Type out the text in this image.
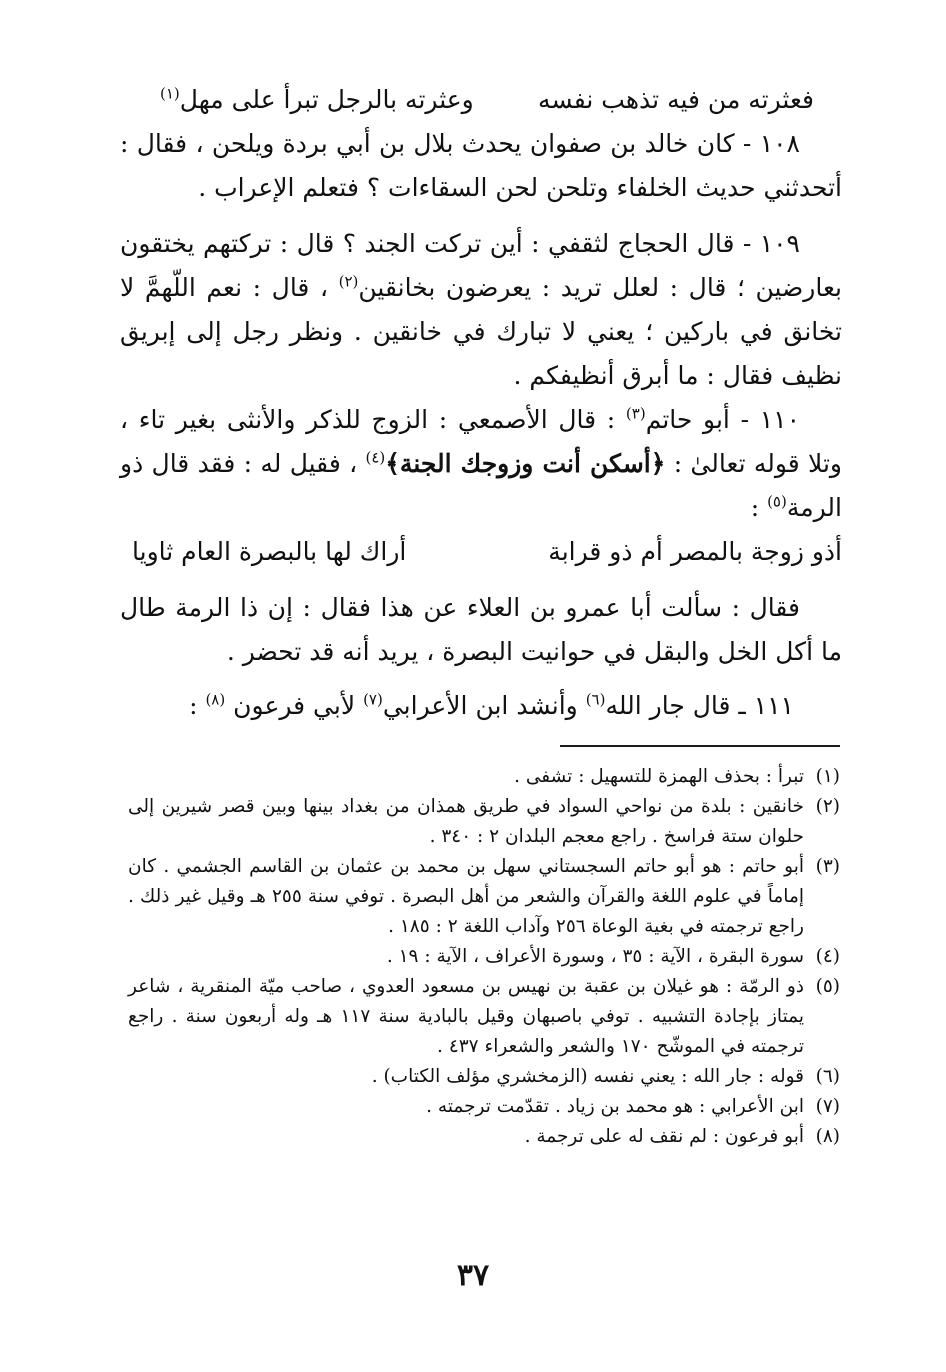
فعثرته من فيه تذهب نفسه
وعثرته بالرجل تبرأ على مهل$^{(١)}$

١٠٨ - كان خالد بن صفوان يحدث بلال بن أبي بردة ويلحن ، فقال : أتحدثني حديث الخلفاء وتلحن لحن السقاءات ؟ فتعلم الإعراب .

١٠٩ - قال الحجاج لثقفي : أين تركت الجند ؟ قال : تركتهم يختقون بعارضين ؛ قال : لعلل تريد : يعرضون بخانقين$^{(٢)}$ ، قال : نعم اللّهمَّ لا تخانق في باركين ؛ يعني لا تبارك في خانقين . ونظر رجل إلى إبريق نظيف فقال : ما أبرق أنظيفكم .

١١٠ - أبو حاتم$^{(٣)}$ : قال الأصمعي : الزوج للذكر والأنثى بغير تاء ، وتلا قوله تعالىٰ : ﴿أسكن أنت وزوجك الجنة﴾$^{(٤)}$ ، فقيل له : فقد قال ذو الرمة$^{(٥)}$ :

أذو زوجة بالمصر أم ذو قرابة
أراك لها بالبصرة العام ثاويا

فقال : سألت أبا عمرو بن العلاء عن هذا فقال : إن ذا الرمة طال ما أكل الخل والبقل في حوانيت البصرة ، يريد أنه قد تحضر .

١١١ ـ قال جار الله$^{(٦)}$ وأنشد ابن الأعرابي$^{(٧)}$ لأبي فرعون $^{(٨)}$ :

(١)
تبرأ : بحذف الهمزة للتسهيل : تشفى .
(٢)
خانقين : بلدة من نواحي السواد في طريق همذان من بغداد بينها وبين قصر شيرين إلى حلوان ستة فراسخ . راجع معجم البلدان ٢ : ٣٤٠ .
(٣)
أبو حاتم : هو أبو حاتم السجستاني سهل بن محمد بن عثمان بن القاسم الجشمي . كان إماماً في علوم اللغة والقرآن والشعر من أهل البصرة . توفي سنة ٢٥٥ هـ وقيل غير ذلك . راجع ترجمته في بغية الوعاة ٢٥٦ وآداب اللغة ٢ : ١٨٥ .
(٤)
سورة البقرة ، الآية : ٣٥ ، وسورة الأعراف ، الآية : ١٩ .
(٥)
ذو الرمّة : هو غيلان بن عقبة بن نهيس بن مسعود العدوي ، صاحب ميّة المنقرية ، شاعر يمتاز بإجادة التشبيه . توفي باصبهان وقيل بالبادية سنة ١١٧ هـ وله أربعون سنة . راجع ترجمته في الموشّح ١٧٠ والشعر والشعراء ٤٣٧ .
(٦)
قوله : جار الله : يعني نفسه (الزمخشري مؤلف الكتاب) .
(٧)
ابن الأعرابي : هو محمد بن زياد . تقدّمت ترجمته .
(٨)
أبو فرعون : لم نقف له على ترجمة .
٣٧
